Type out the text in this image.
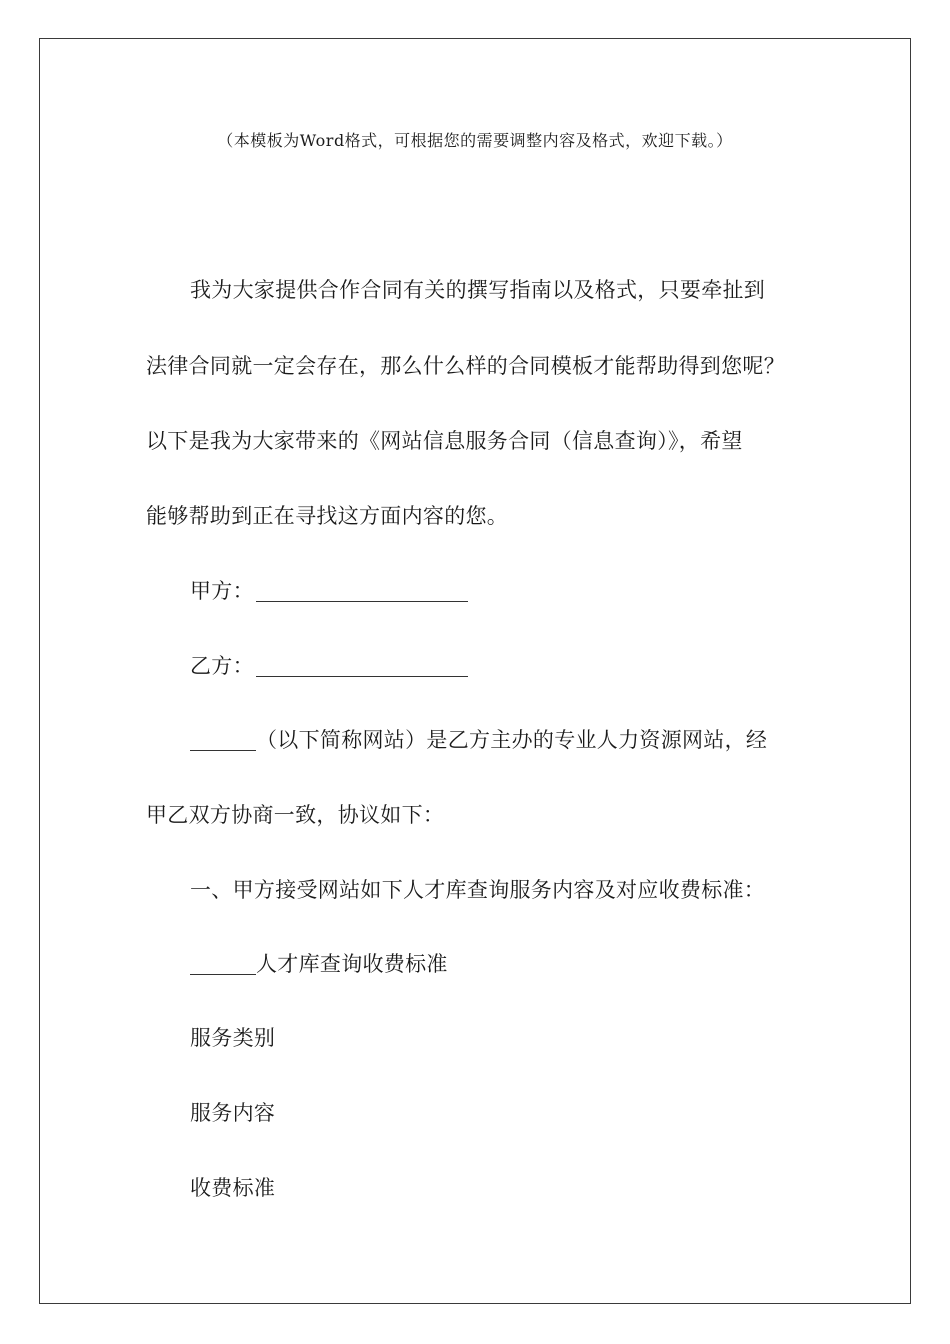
（本模板为Word格式，可根据您的需要调整内容及格式，欢迎下载。）
我为大家提供合作合同有关的撰写指南以及格式，只要牵扯到
法律合同就一定会存在，那么什么样的合同模板才能帮助得到您呢？
以下是我为大家带来的《网站信息服务合同（信息查询）》，希望
能够帮助到正在寻找这方面内容的您。
甲方：
乙方：
（以下简称网站）是乙方主办的专业人力资源网站，经
甲乙双方协商一致，协议如下：
一、甲方接受网站如下人才库查询服务内容及对应收费标准：
人才库查询收费标准
服务类别
服务内容
收费标准
